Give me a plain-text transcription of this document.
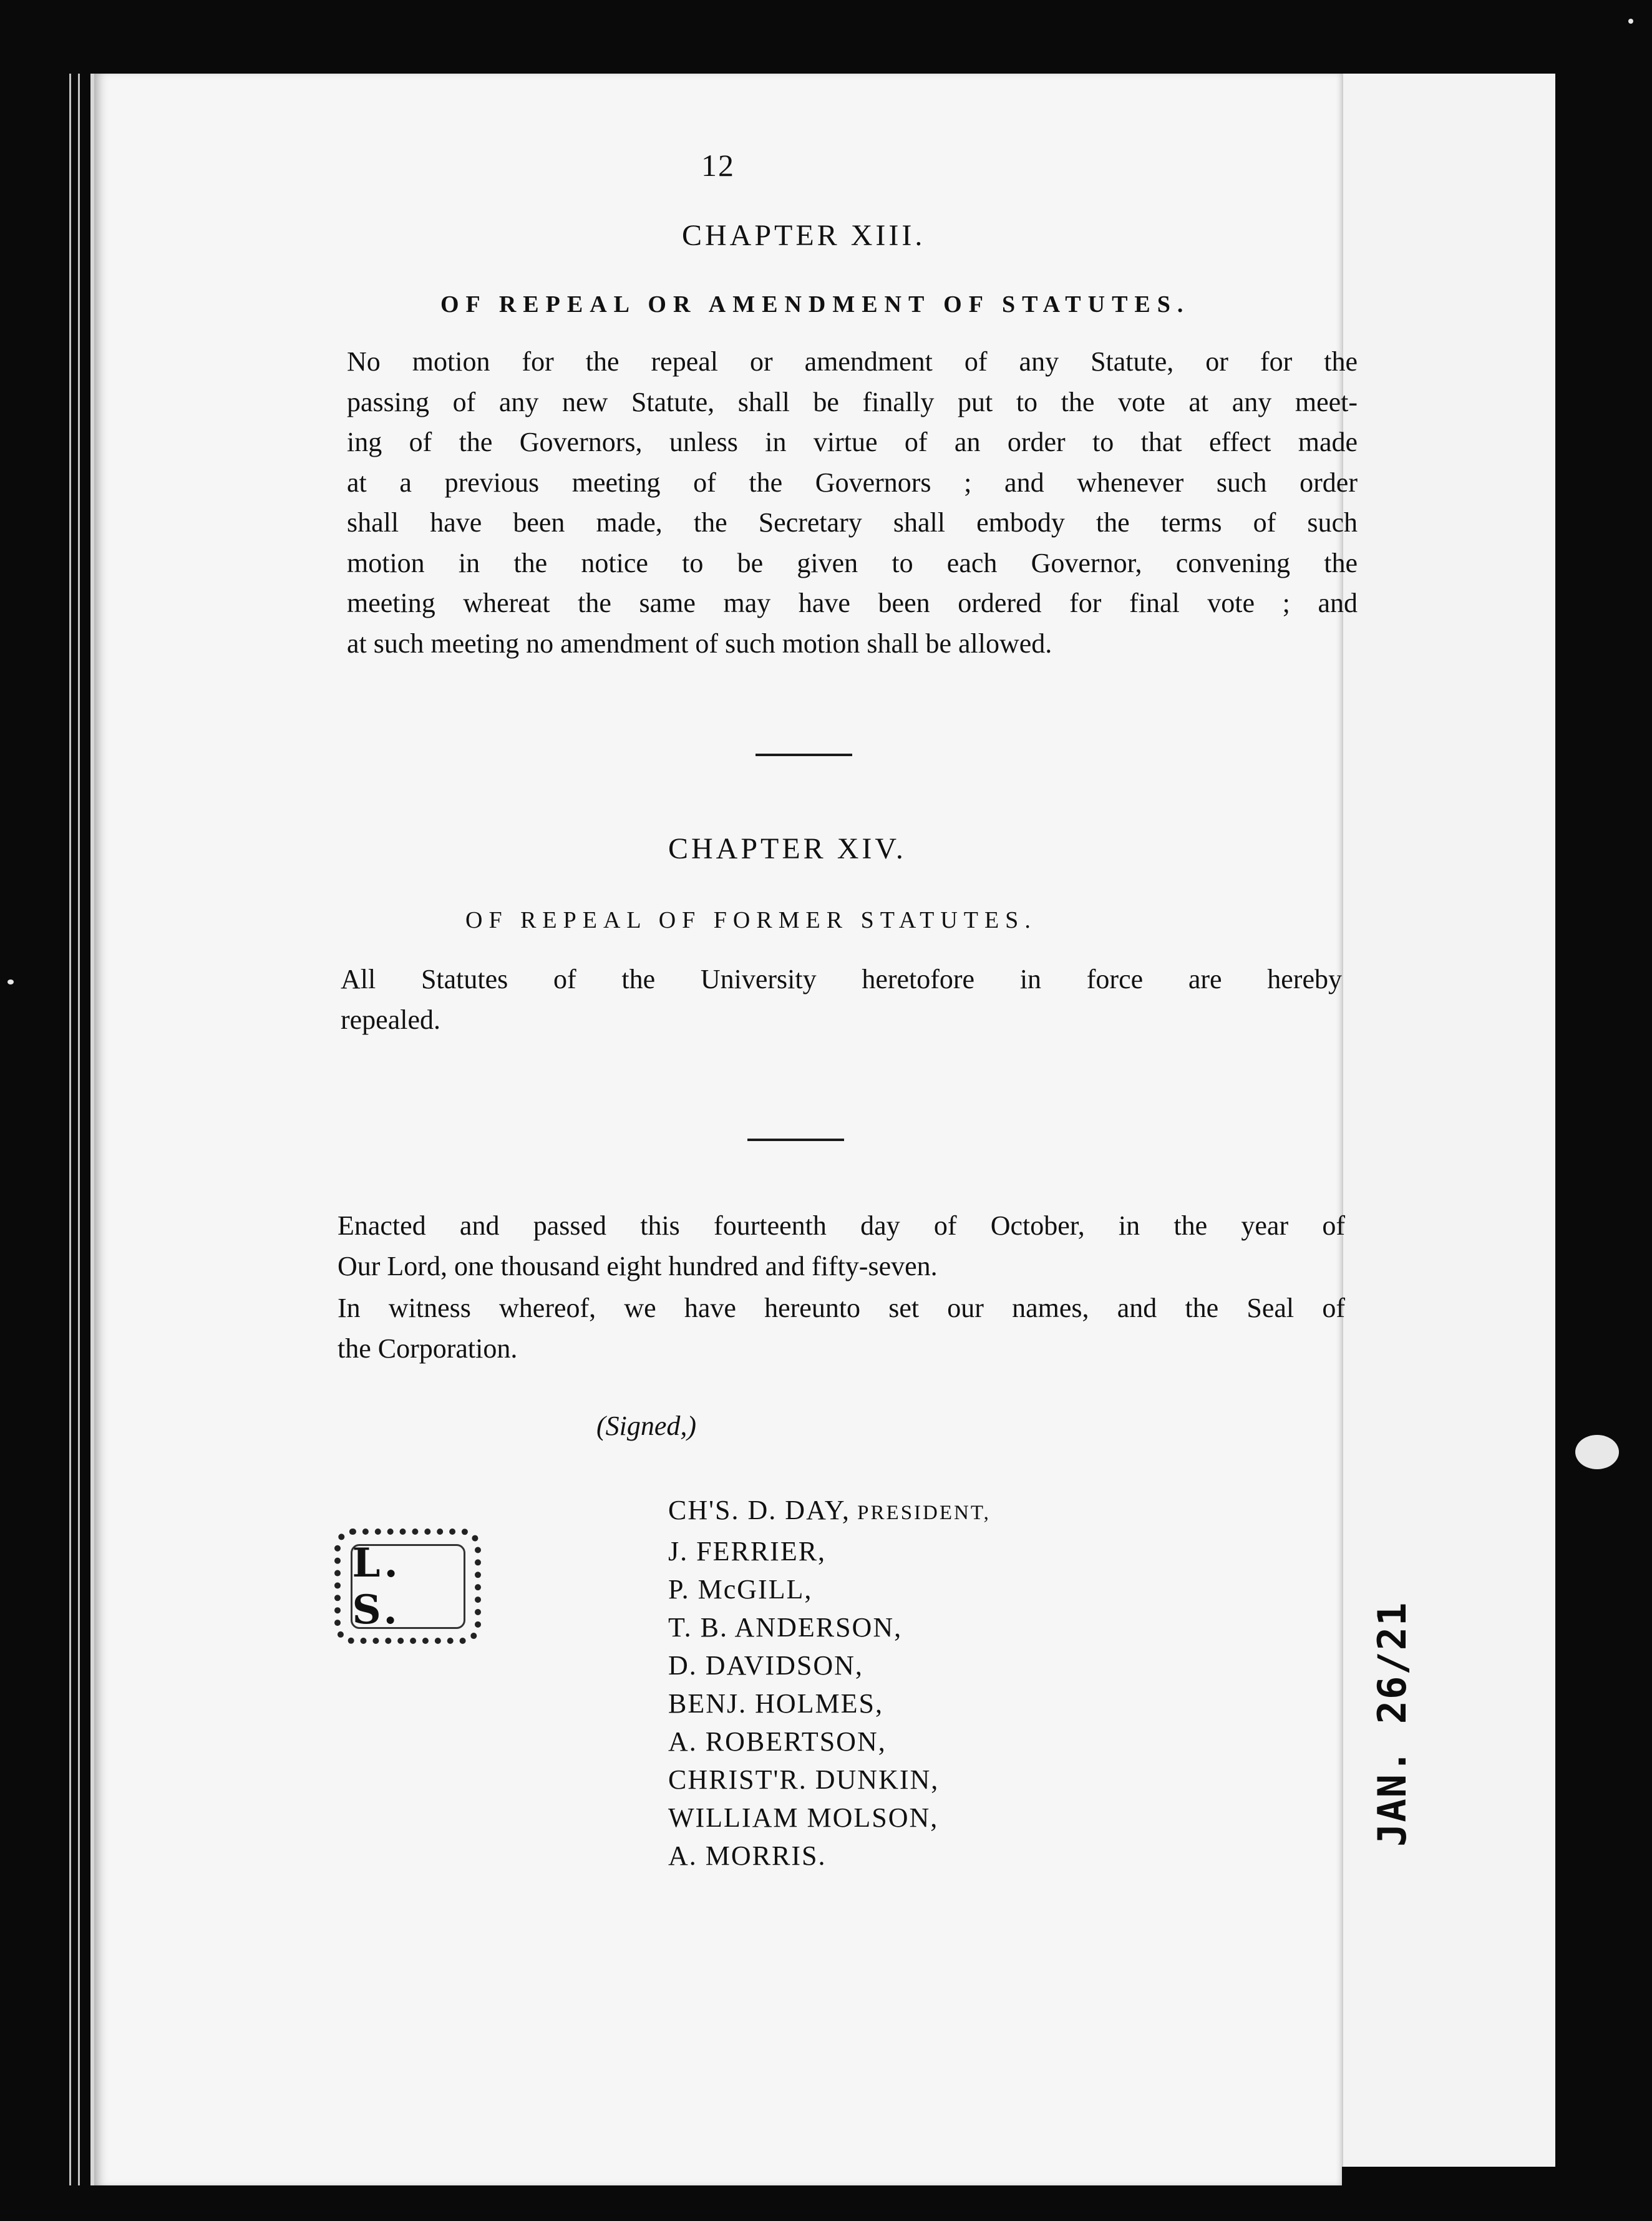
JAN. 26/21
12
CHAPTER XIII.
OF REPEAL OR AMENDMENT OF STATUTES.
No motion for the repeal or amendment of any Statute, or for the
passing of any new Statute, shall be finally put to the vote at any meet-
ing of the Governors, unless in virtue of an order to that effect made
at a previous meeting of the Governors ; and whenever such order
shall have been made, the Secretary shall embody the terms of such
motion in the notice to be given to each Governor, convening the
meeting whereat the same may have been ordered for final vote ; and
at such meeting no amendment of such motion shall be allowed.
CHAPTER XIV.
OF REPEAL OF FORMER STATUTES.
All Statutes of the University heretofore in force are hereby
repealed.
Enacted and passed this fourteenth day of October, in the year of
Our Lord, one thousand eight hundred and fifty-seven.
In witness whereof, we have hereunto set our names, and the Seal of
the Corporation.
(Signed,)
CH'S. D. DAY, PRESIDENT,
J. FERRIER,
P. McGILL,
T. B. ANDERSON,
D. DAVIDSON,
BENJ. HOLMES,
A. ROBERTSON,
CHRIST'R. DUNKIN,
WILLIAM MOLSON,
A. MORRIS.
L. S.
